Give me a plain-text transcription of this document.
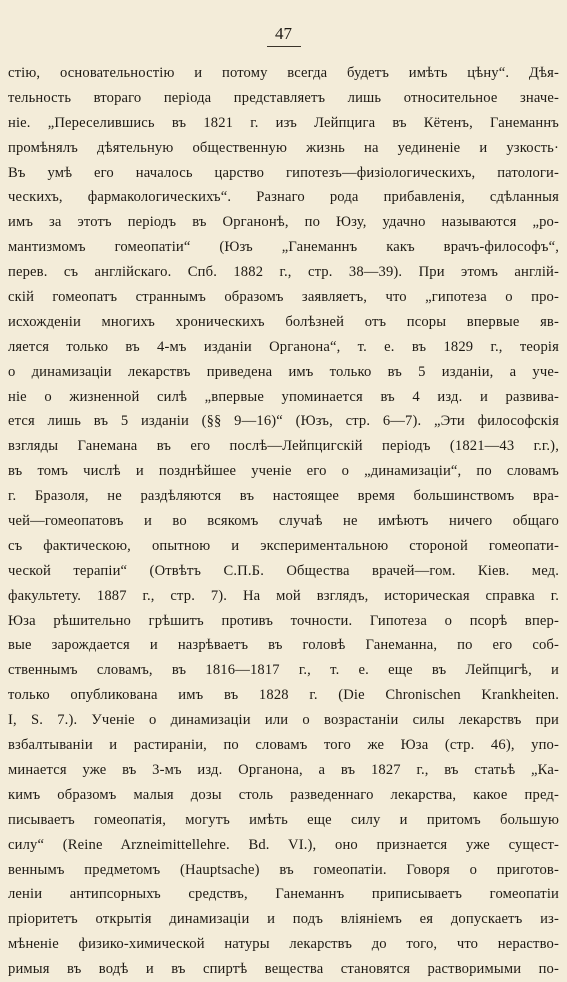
47
стію, основательностію и потому всегда будетъ имѣть цѣну“. Дѣя-
тельность втораго періода представляетъ лишь относительное значе-
ніе. „Переселившись въ 1821 г. изъ Лейпцига въ Кётенъ, Ганеманнъ
промѣнялъ дѣятельную общественную жизнь на уединеніе и узкость·
Въ умѣ его началось царство гипотезъ—физіологическихъ, патологи-
ческихъ, фармакологическихъ“. Разнаго рода прибавленія, сдѣланныя
имъ за этотъ періодъ въ Органонѣ, по Юзу, удачно называются „ро-
мантизмомъ гомеопатіи“ (Юзъ „Ганеманнъ какъ врачъ-философъ“,
перев. съ англійскаго. Спб. 1882 г., стр. 38—39). При этомъ англій-
скій гомеопатъ страннымъ образомъ заявляетъ, что „гипотеза о про-
исхожденіи многихъ хроническихъ болѣзней отъ псоры впервые яв-
ляется только въ 4-мъ изданіи Органона“, т. е. въ 1829 г., теорія
о динамизаціи лекарствъ приведена имъ только въ 5 изданіи, а уче-
ніе о жизненной силѣ „впервые упоминается въ 4 изд. и развива-
ется лишь въ 5 изданіи (§§ 9—16)“ (Юзъ, стр. 6—7). „Эти философскія
взгляды Ганемана въ его послѣ—Лейпцигскій періодъ (1821—43 г.г.),
въ томъ числѣ и позднѣйшее ученіе его о „динамизаціи“, по словамъ
г. Бразоля, не раздѣляются въ настоящее время большинствомъ вра-
чей—гомеопатовъ и во всякомъ случаѣ не имѣютъ ничего общаго
съ фактическою, опытною и экспериментальною стороной гомеопати-
ческой терапіи“ (Отвѣтъ С.П.Б. Общества врачей—гом. Кіев. мед.
факультету. 1887 г., стр. 7). На мой взглядъ, историческая справка г.
Юза рѣшительно грѣшитъ противъ точности. Гипотеза о псорѣ впер-
вые зарождается и назрѣваетъ въ головѣ Ганеманна, по его соб-
ственнымъ словамъ, въ 1816—1817 г., т. е. еще въ Лейпцигѣ, и
только опубликована имъ въ 1828 г. (Die Chronischen Krankheiten.
I, S. 7.). Ученіе о динамизаціи или о возрастаніи силы лекарствъ при
взбалтываніи и растираніи, по словамъ того же Юза (стр. 46), упо-
минается уже въ 3-мъ изд. Органона, а въ 1827 г., въ статьѣ „Ка-
кимъ образомъ малыя дозы столь разведеннаго лекарства, какое пред-
писываетъ гомеопатія, могутъ имѣть еще силу и притомъ большую
силу“ (Reine Arzneimittellehre. Bd. VI.), оно признается уже сущест-
веннымъ предметомъ (Hauptsache) въ гомеопатіи. Говоря о приготов-
леніи антипсорныхъ средствъ, Ганеманнъ приписываетъ гомеопатіи
пріоритетъ открытія динамизаціи и подъ вліяніемъ ея допускаетъ из-
мѣненіе физико-химической натуры лекарствъ до того, что нераство-
римыя въ водѣ и въ спиртѣ вещества становятся растворимыми по-
